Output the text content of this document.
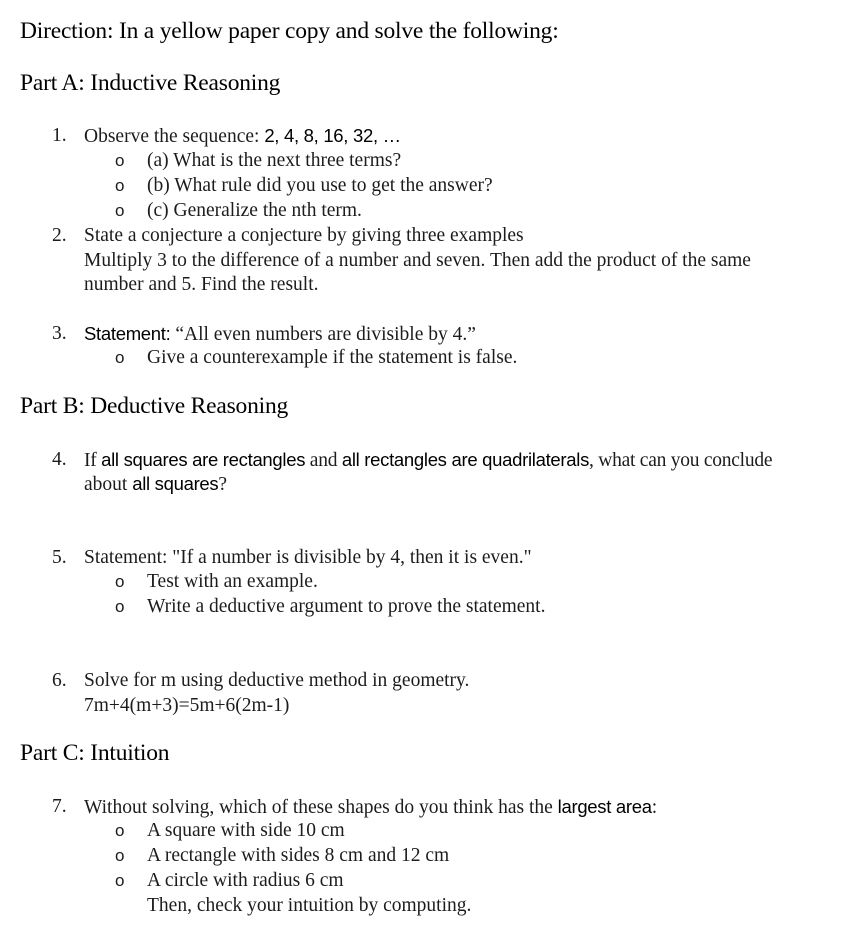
Direction: In a yellow paper copy and solve the following:
Part A: Inductive Reasoning
1. Observe the sequence: 2, 4, 8, 16, 32, …
o (a) What is the next three terms?
o (b) What rule did you use to get the answer?
o (c) Generalize the nth term.
2. State a conjecture a conjecture by giving three examples
Multiply 3 to the difference of a number and seven. Then add the product of the same
number and 5. Find the result.
3. Statement: “All even numbers are divisible by 4.”
o Give a counterexample if the statement is false.
Part B: Deductive Reasoning
4. If all squares are rectangles and all rectangles are quadrilaterals, what can you conclude
about all squares?
5. Statement: "If a number is divisible by 4, then it is even."
o Test with an example.
o Write a deductive argument to prove the statement.
6. Solve for m using deductive method in geometry.
7m+4(m+3)=5m+6(2m-1)
Part C: Intuition
7. Without solving, which of these shapes do you think has the largest area:
o A square with side 10 cm
o A rectangle with sides 8 cm and 12 cm
o A circle with radius 6 cm
Then, check your intuition by computing.
